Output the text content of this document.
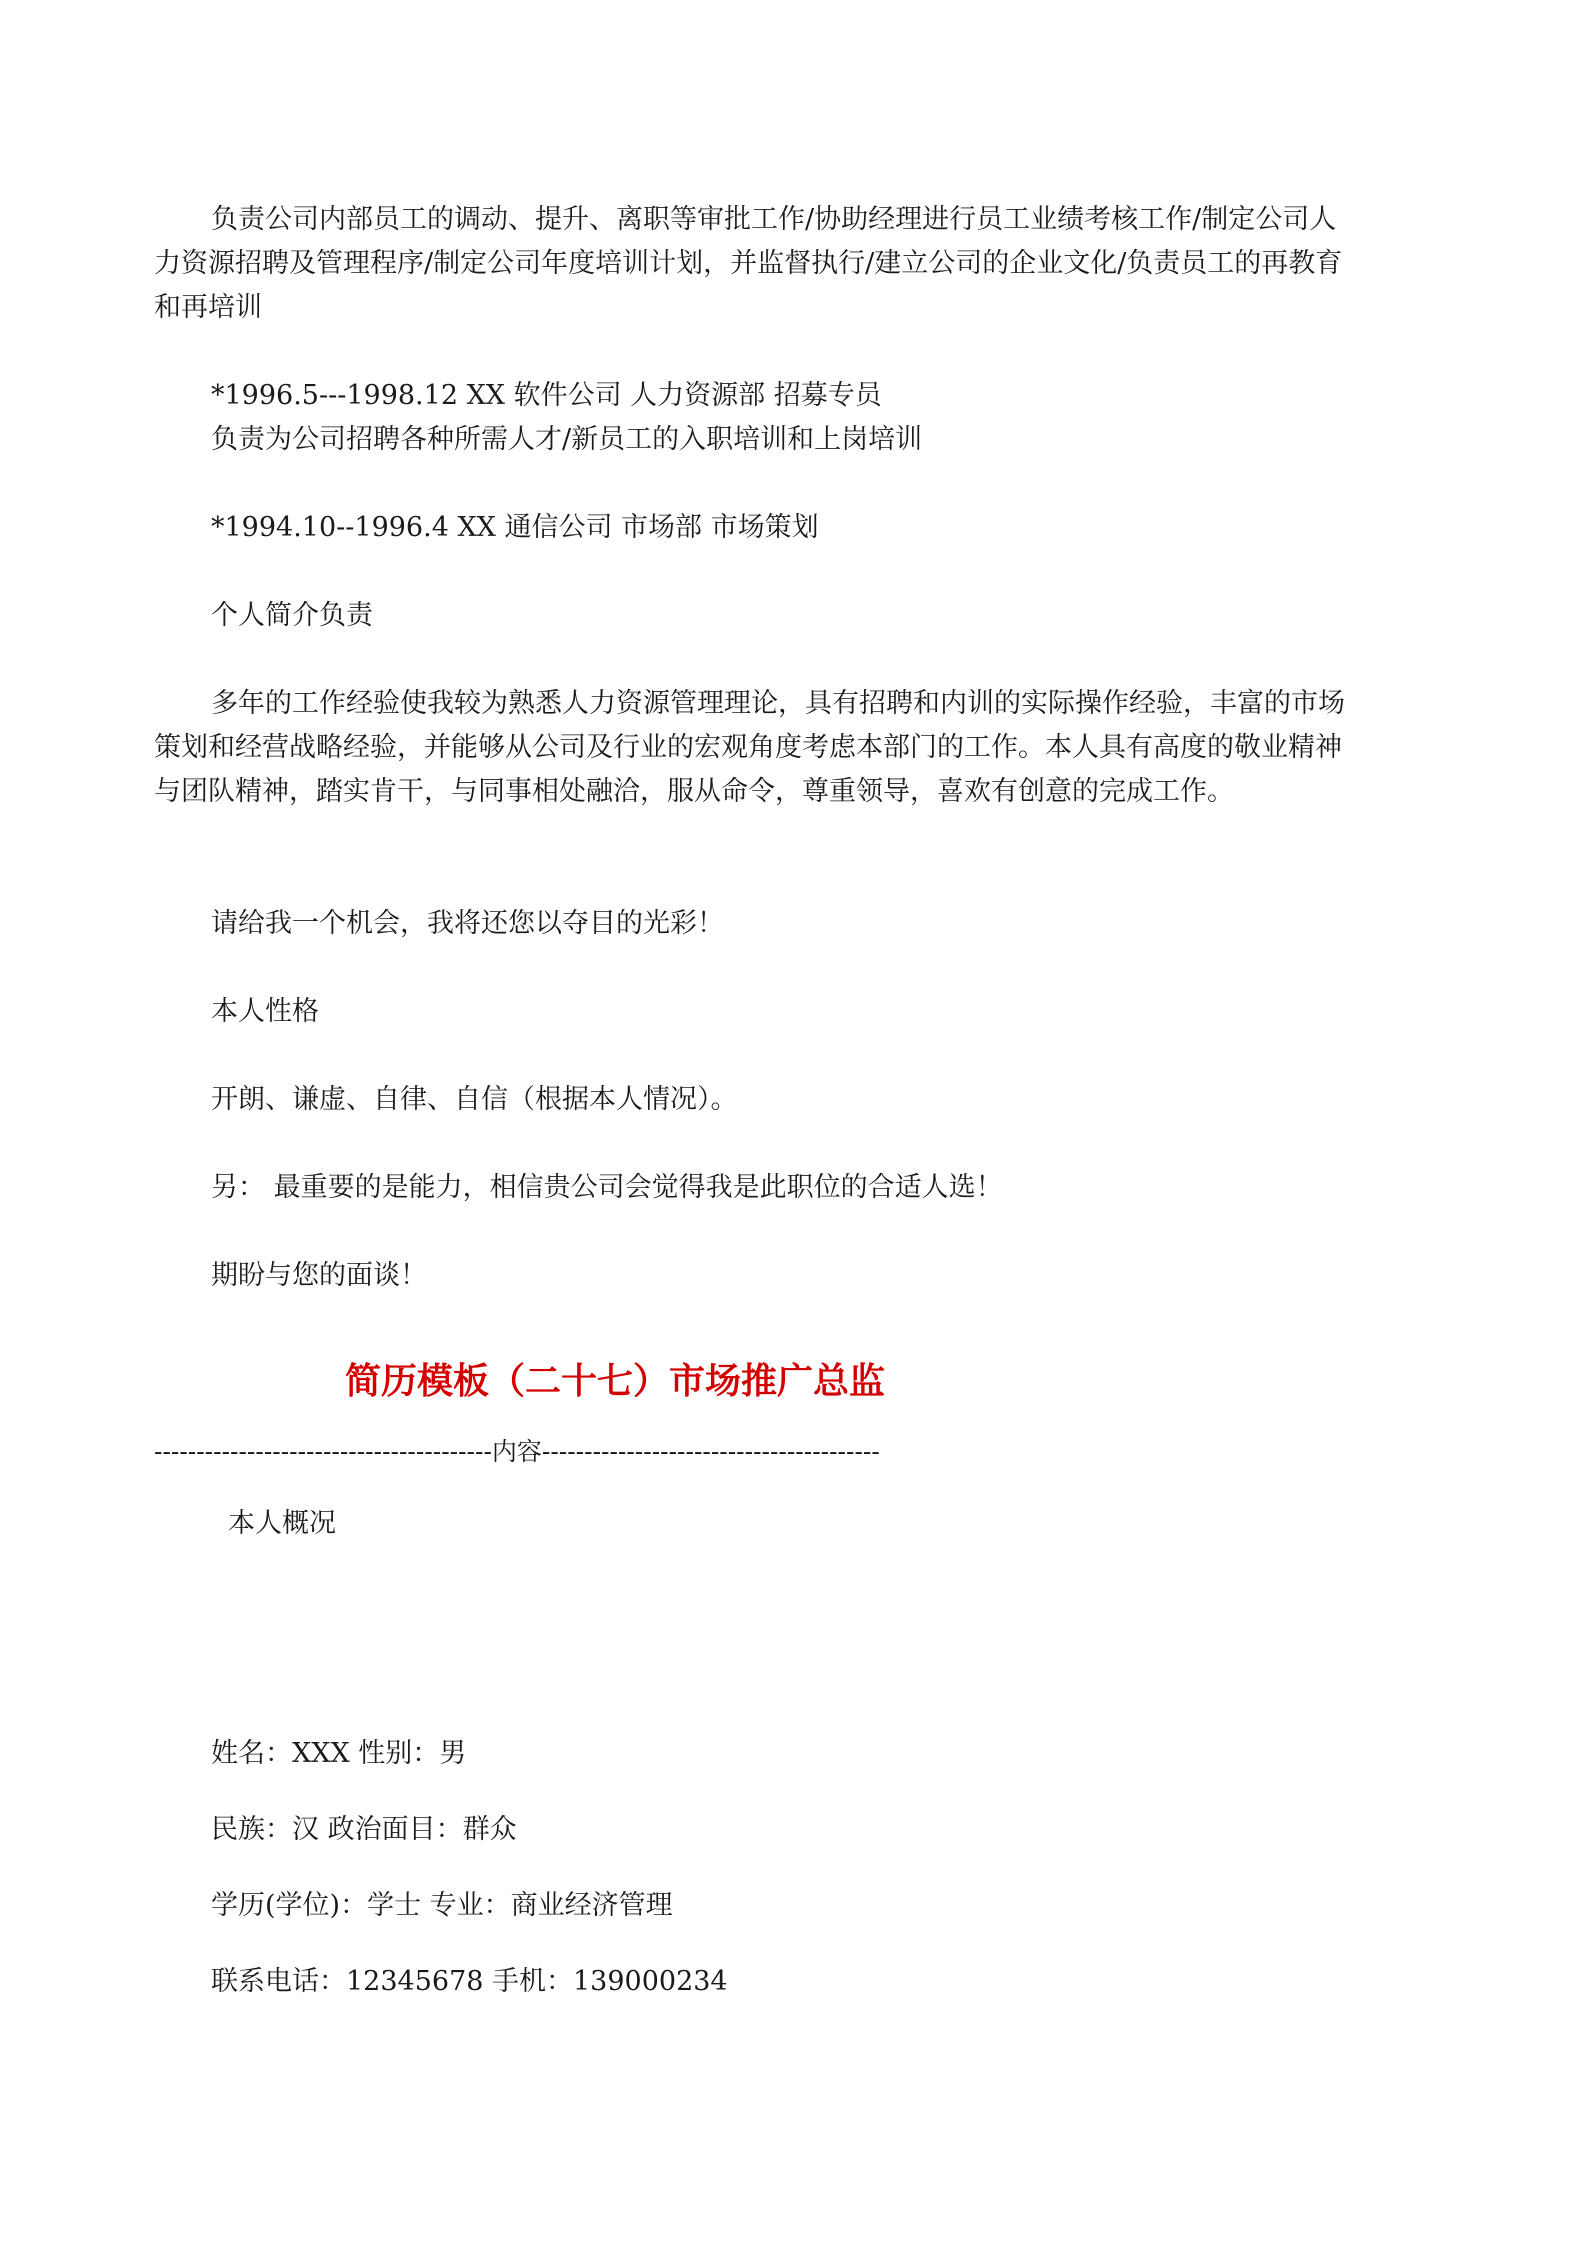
负责公司内部员工的调动、提升、离职等审批工作/协助经理进行员工业绩考核工作/制定公司人
力资源招聘及管理程序/制定公司年度培训计划，并监督执行/建立公司的企业文化/负责员工的再教育
和再培训
*1996.5---1998.12 XX 软件公司 人力资源部 招募专员
负责为公司招聘各种所需人才/新员工的入职培训和上岗培训
*1994.10--1996.4 XX 通信公司 市场部 市场策划
个人简介负责
多年的工作经验使我较为熟悉人力资源管理理论，具有招聘和内训的实际操作经验，丰富的市场
策划和经营战略经验，并能够从公司及行业的宏观角度考虑本部门的工作。本人具有高度的敬业精神
与团队精神，踏实肯干，与同事相处融洽，服从命令，尊重领导，喜欢有创意的完成工作。
请给我一个机会，我将还您以夺目的光彩！
本人性格
开朗、谦虚、自律、自信（根据本人情况）。
另： 最重要的是能力，相信贵公司会觉得我是此职位的合适人选！
期盼与您的面谈！
简历模板（二十七）市场推广总监
----------------------------------------内容----------------------------------------
本人概况
姓名：XXX 性别：男
民族：汉 政治面目：群众
学历(学位)：学士 专业：商业经济管理
联系电话：12345678 手机：139000234
